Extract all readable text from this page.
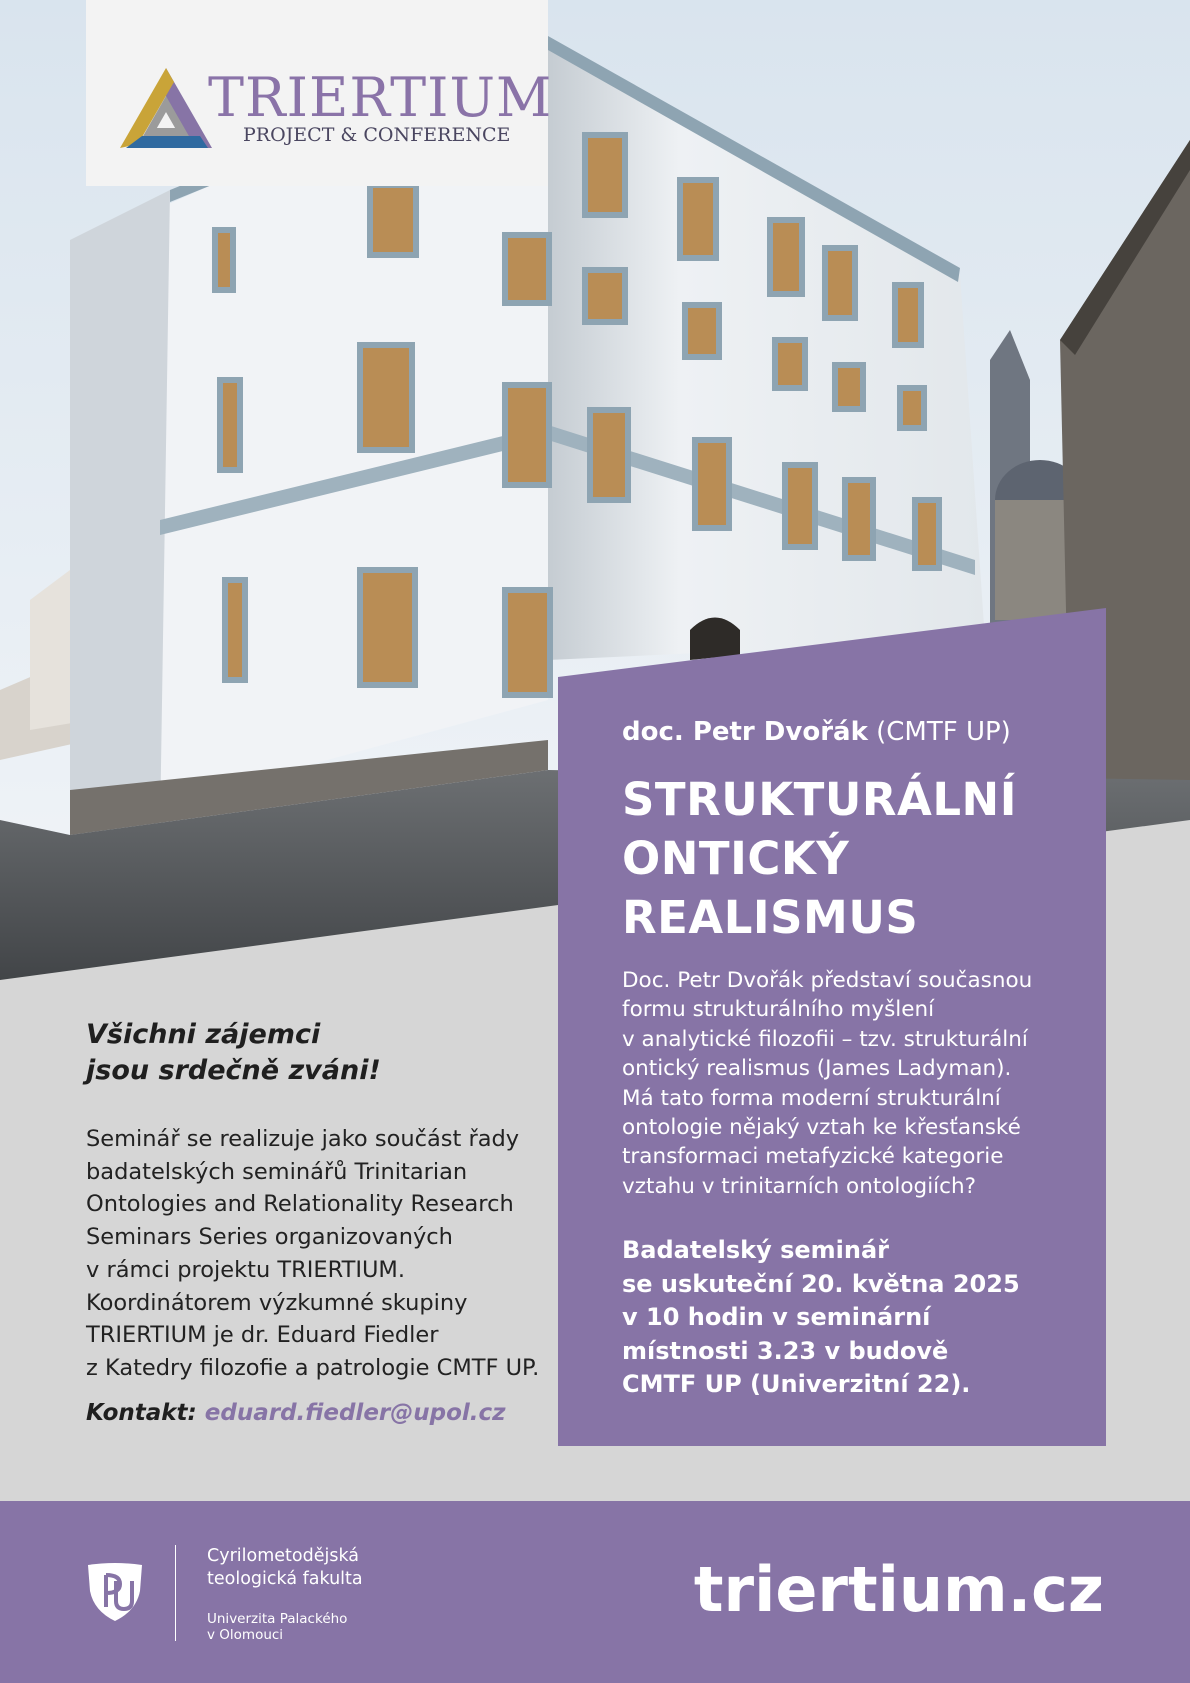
TRIERTIUM
PROJECT & CONFERENCE
doc. Petr Dvořák (CMTF UP)
STRUKTURÁLNÍ
ONTICKÝ
REALISMUS
Doc. Petr Dvořák představí současnou
formu strukturálního myšlení
v analytické filozofii – tzv. strukturální
ontický realismus (James Ladyman).
Má tato forma moderní strukturální
ontologie nějaký vztah ke křesťanské
transformaci metafyzické kategorie
vztahu v trinitarních ontologiích?
Badatelský seminář
se uskuteční 20. května 2025
v 10 hodin v seminární
místnosti 3.23 v budově
CMTF UP (Univerzitní 22).
Všichni zájemci
jsou srdečně zváni!
Seminář se realizuje jako součást řady
badatelských seminářů Trinitarian
Ontologies and Relationality Research
Seminars Series organizovaných
v rámci projektu TRIERTIUM.
Koordinátorem výzkumné skupiny
TRIERTIUM je dr. Eduard Fiedler
z Katedry filozofie a patrologie CMTF UP.
Kontakt: eduard.fiedler@upol.cz
Cyrilometodějská
teologická fakulta
Univerzita Palackého
v Olomouci
triertium.cz
